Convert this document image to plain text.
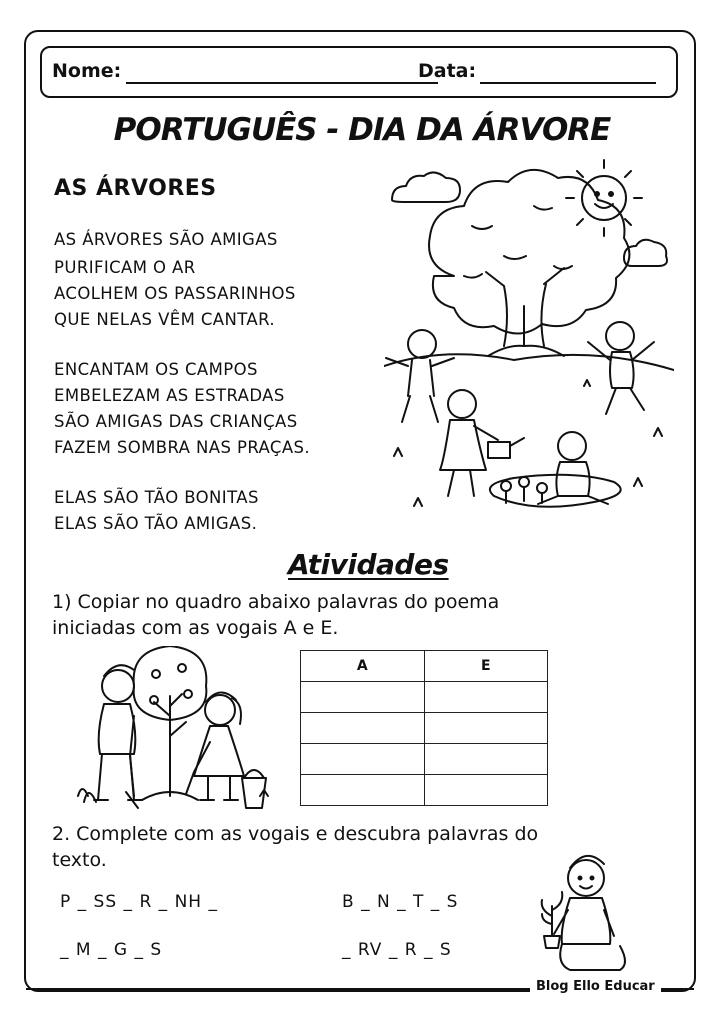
Nome:	Data:
PORTUGUÊS - DIA DA ÁRVORE
AS ÁRVORES
AS ÁRVORES SÃO AMIGAS
PURIFICAM O AR
ACOLHEM OS PASSARINHOS
QUE NELAS VÊM CANTAR.
ENCANTAM OS CAMPOS
EMBELEZAM AS ESTRADAS
SÃO AMIGAS DAS CRIANÇAS
FAZEM SOMBRA NAS PRAÇAS.
ELAS SÃO TÃO BONITAS
ELAS SÃO TÃO AMIGAS.
Atividades
1) Copiar no quadro abaixo palavras do poema
iniciadas com as vogais A e E.
A	E

2. Complete com as vogais e descubra palavras do
texto.
P _ SS _ R _ NH _	B _ N _ T _ S
_ M _ G _ S	_ RV _ R _ S
Blog Ello Educar
